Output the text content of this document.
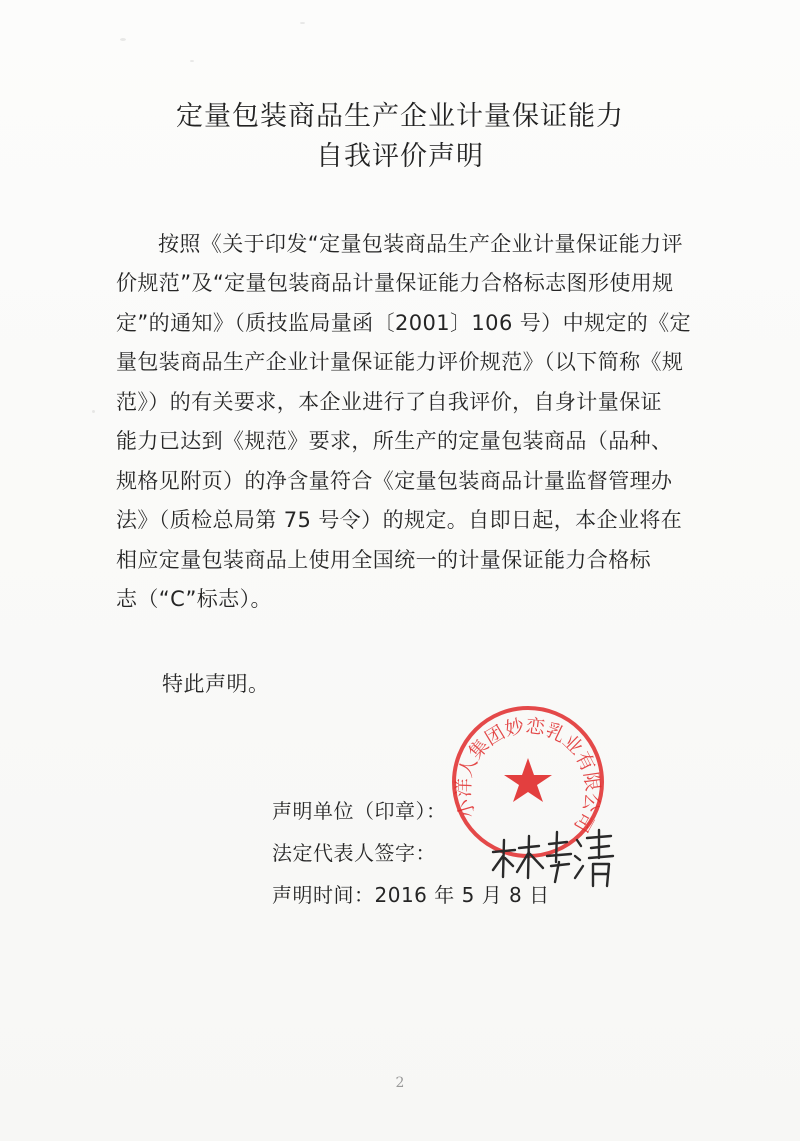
定量包装商品生产企业计量保证能力
自我评价声明

按照《关于印发“定量包装商品生产企业计量保证能力评
价规范”及“定量包装商品计量保证能力合格标志图形使用规
定”的通知》（质技监局量函〔2001〕106 号）中规定的《定
量包装商品生产企业计量保证能力评价规范》（以下简称《规
范》）的有关要求，本企业进行了自我评价，自身计量保证
能力已达到《规范》要求，所生产的定量包装商品（品种、
规格见附页）的净含量符合《定量包装商品计量监督管理办
法》（质检总局第 75 号令）的规定。自即日起，本企业将在
相应定量包装商品上使用全国统一的计量保证能力合格标
志（“C”标志）。

特此声明。

小洋人集团妙恋乳业有限公司
声明单位（印章）：
法定代表人签字：
声明时间：2016 年 5 月 8 日
2
